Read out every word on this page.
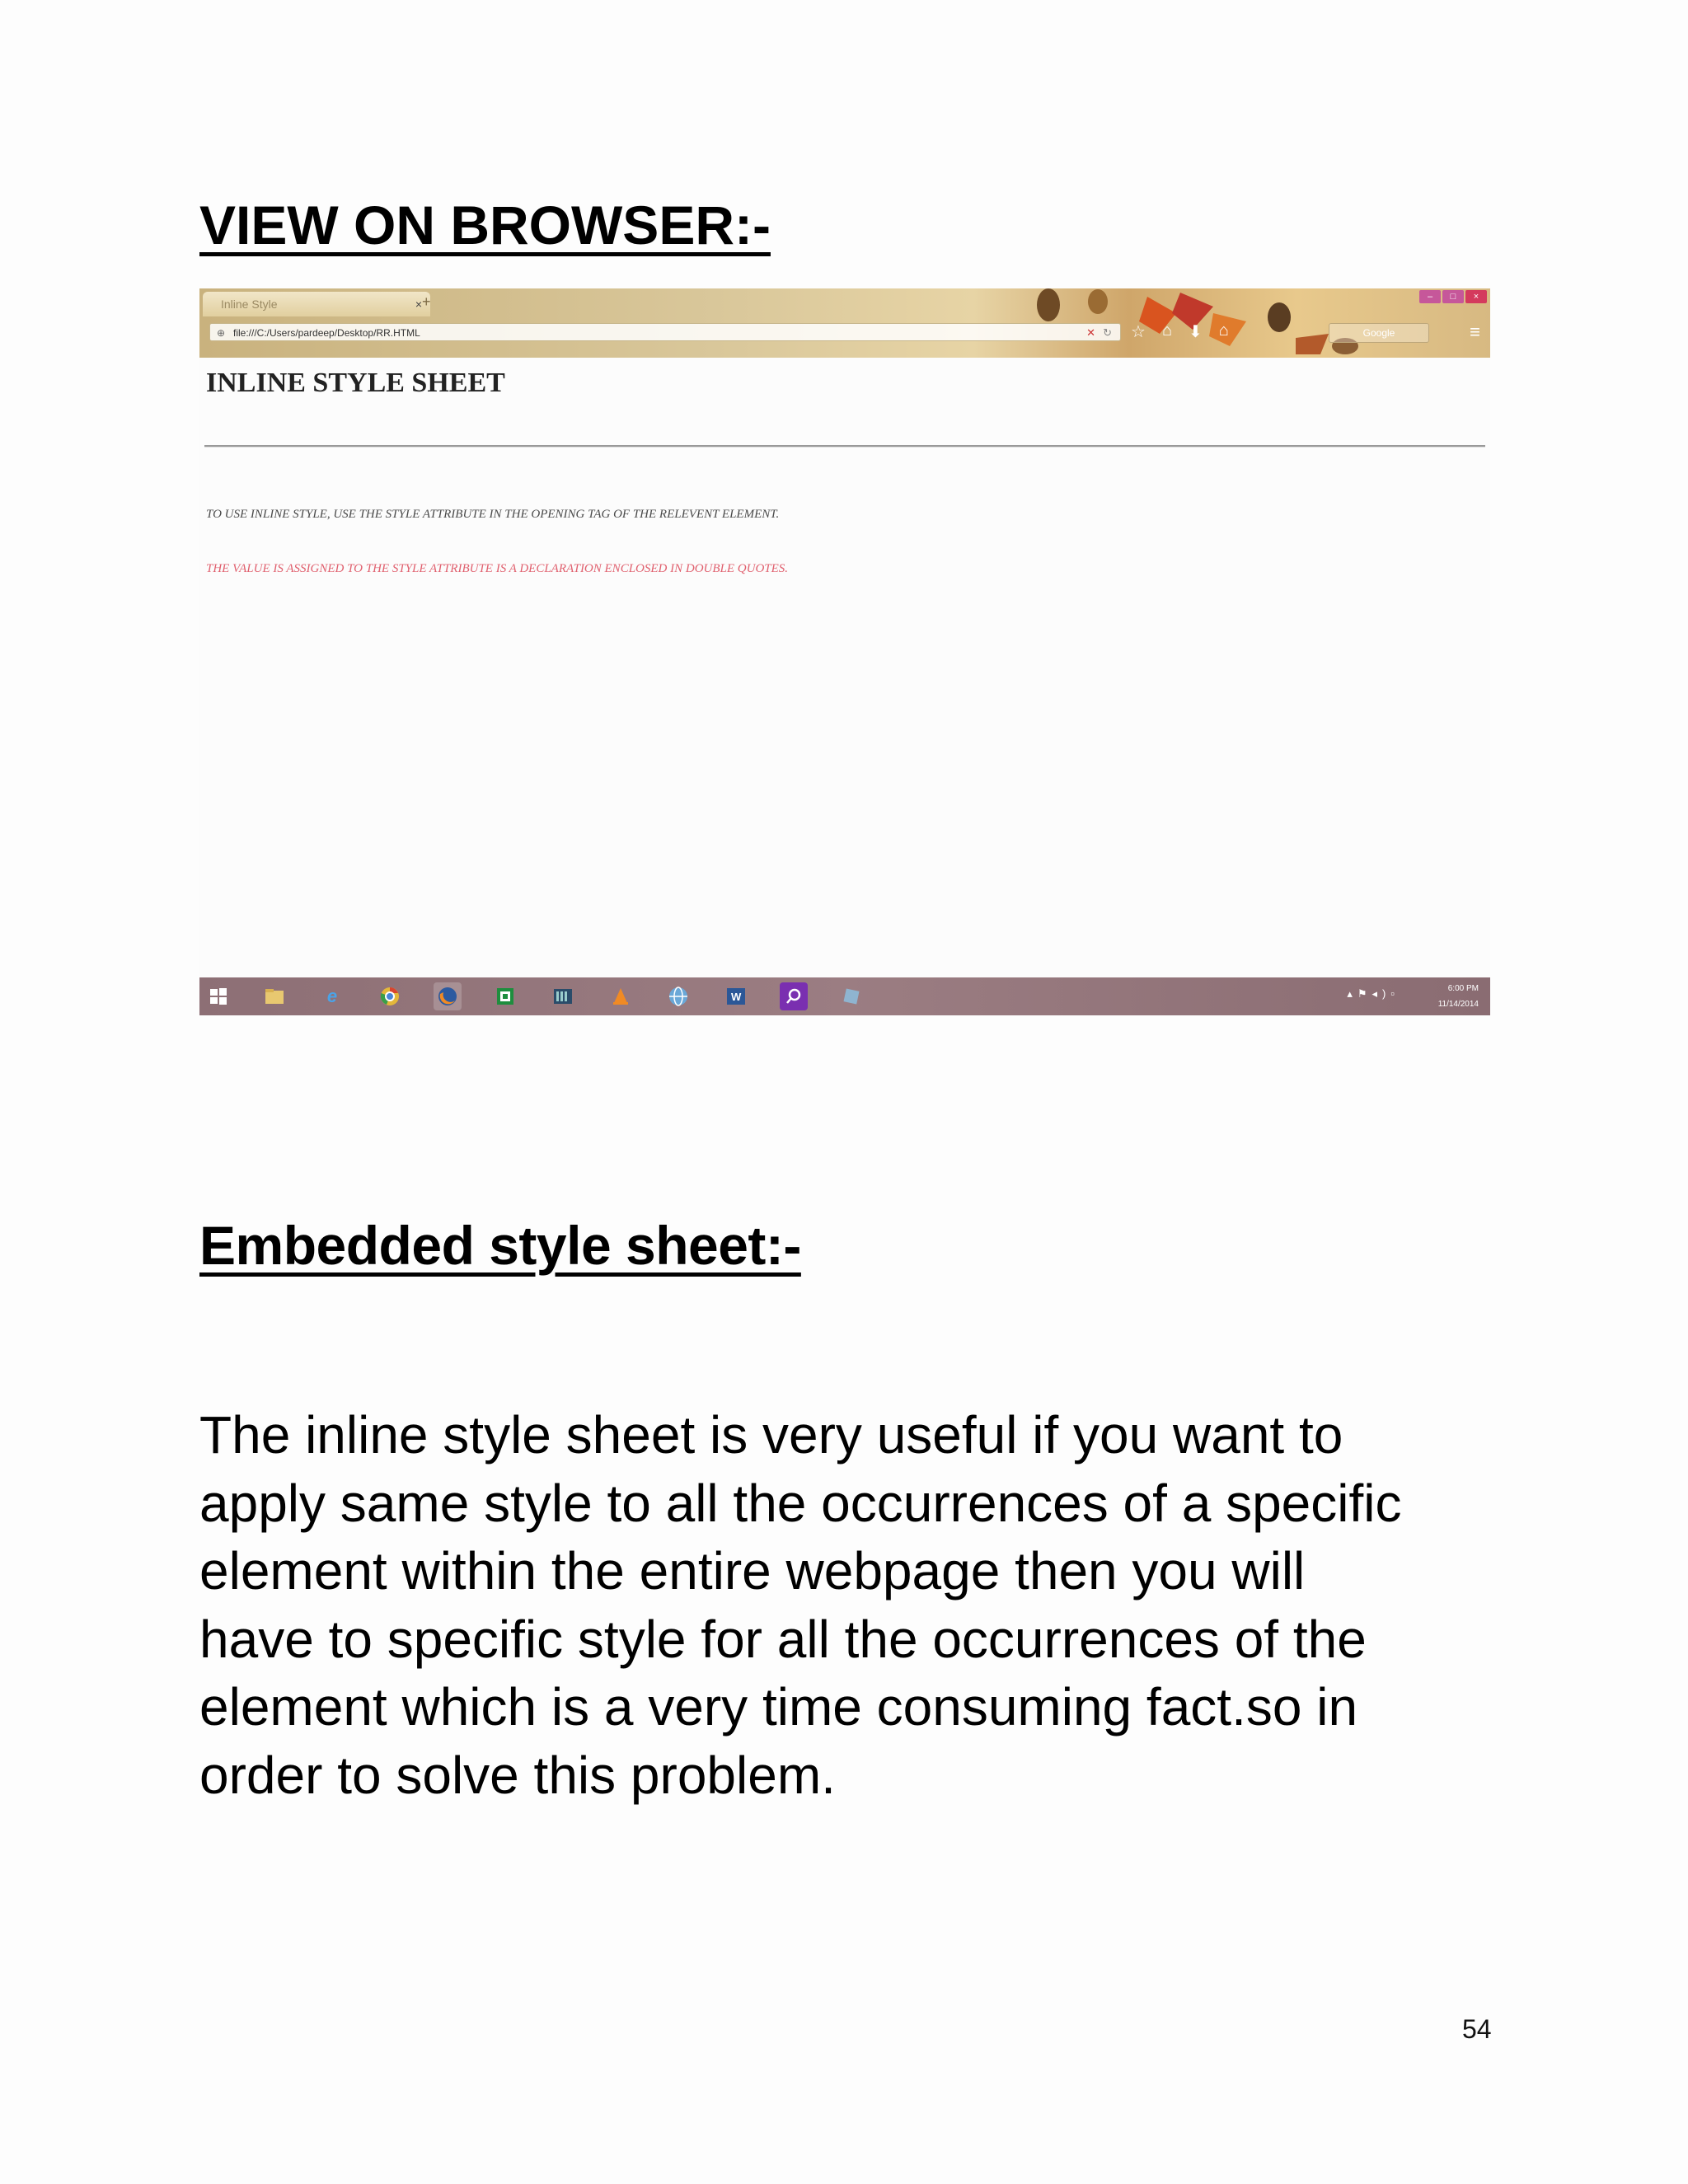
VIEW ON BROWSER:-
Inline Style	× +	–	□	×
⊕ file:///C:/Users/pardeep/Desktop/RR.HTML	✕ ↻ ☆ ⌂ ⬇ ⌂	Google	≡
INLINE STYLE SHEET
TO USE INLINE STYLE, USE THE STYLE ATTRIBUTE IN THE OPENING TAG OF THE RELEVENT ELEMENT.
THE VALUE IS ASSIGNED TO THE STYLE ATTRIBUTE IS A DECLARATION ENCLOSED IN DOUBLE QUOTES.
e	W	▴⚑◂)▫	6:00 PM
11/14/2014
Embedded style sheet:-
The inline style sheet is very useful if you want to
apply same style to all the occurrences of a specific
element within the entire webpage then you will
have to specific style for all the occurrences of the
element which is a very time consuming fact.so in
order to solve this problem.
54
